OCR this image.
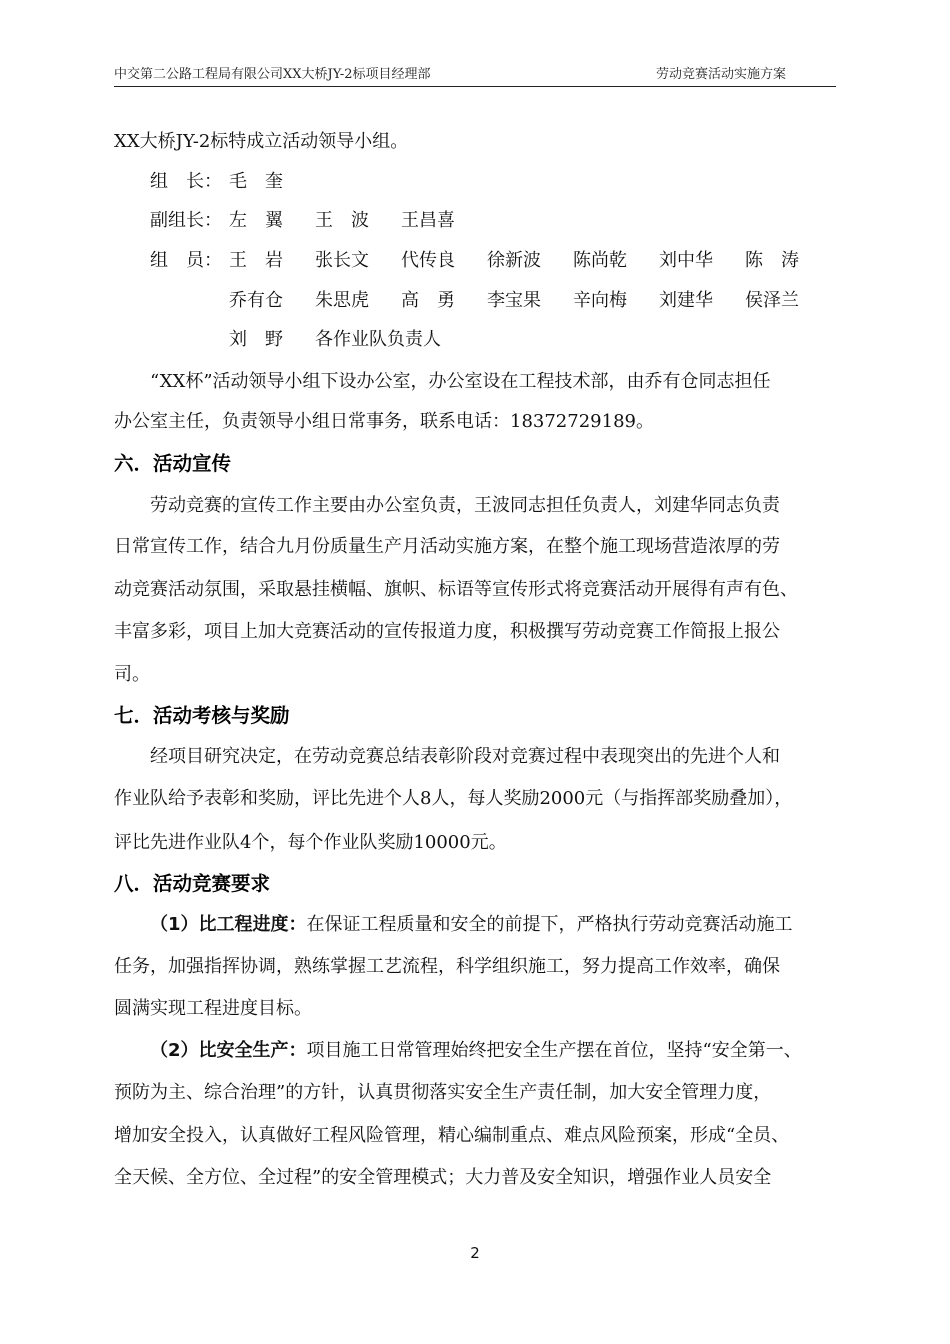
中交第二公路工程局有限公司XX大桥JY-2标项目经理部	劳动竞赛活动实施方案
XX大桥JY-2标特成立活动领导小组。
组　长： 毛　奎
副组长： 左　翼 王　波 王昌喜
组　员： 王　岩 张长文 代传良 徐新波 陈尚乾 刘中华 陈　涛
乔有仓 朱思虎 高　勇 李宝果 辛向梅 刘建华 侯泽兰
刘　野 各作业队负责人
“XX杯”活动领导小组下设办公室，办公室设在工程技术部，由乔有仓同志担任
办公室主任，负责领导小组日常事务，联系电话：18372729189。
六．活动宣传
劳动竞赛的宣传工作主要由办公室负责，王波同志担任负责人，刘建华同志负责
日常宣传工作，结合九月份质量生产月活动实施方案，在整个施工现场营造浓厚的劳
动竞赛活动氛围，采取悬挂横幅、旗帜、标语等宣传形式将竞赛活动开展得有声有色、
丰富多彩，项目上加大竞赛活动的宣传报道力度，积极撰写劳动竞赛工作简报上报公
司。
七．活动考核与奖励
经项目研究决定，在劳动竞赛总结表彰阶段对竞赛过程中表现突出的先进个人和
作业队给予表彰和奖励，评比先进个人8人，每人奖励2000元（与指挥部奖励叠加），
评比先进作业队4个，每个作业队奖励10000元。
八．活动竞赛要求
（1）比工程进度：在保证工程质量和安全的前提下，严格执行劳动竞赛活动施工
任务，加强指挥协调，熟练掌握工艺流程，科学组织施工，努力提高工作效率，确保
圆满实现工程进度目标。
（2）比安全生产：项目施工日常管理始终把安全生产摆在首位，坚持“安全第一、
预防为主、综合治理”的方针，认真贯彻落实安全生产责任制，加大安全管理力度，
增加安全投入，认真做好工程风险管理，精心编制重点、难点风险预案，形成“全员、
全天候、全方位、全过程”的安全管理模式；大力普及安全知识，增强作业人员安全
2
